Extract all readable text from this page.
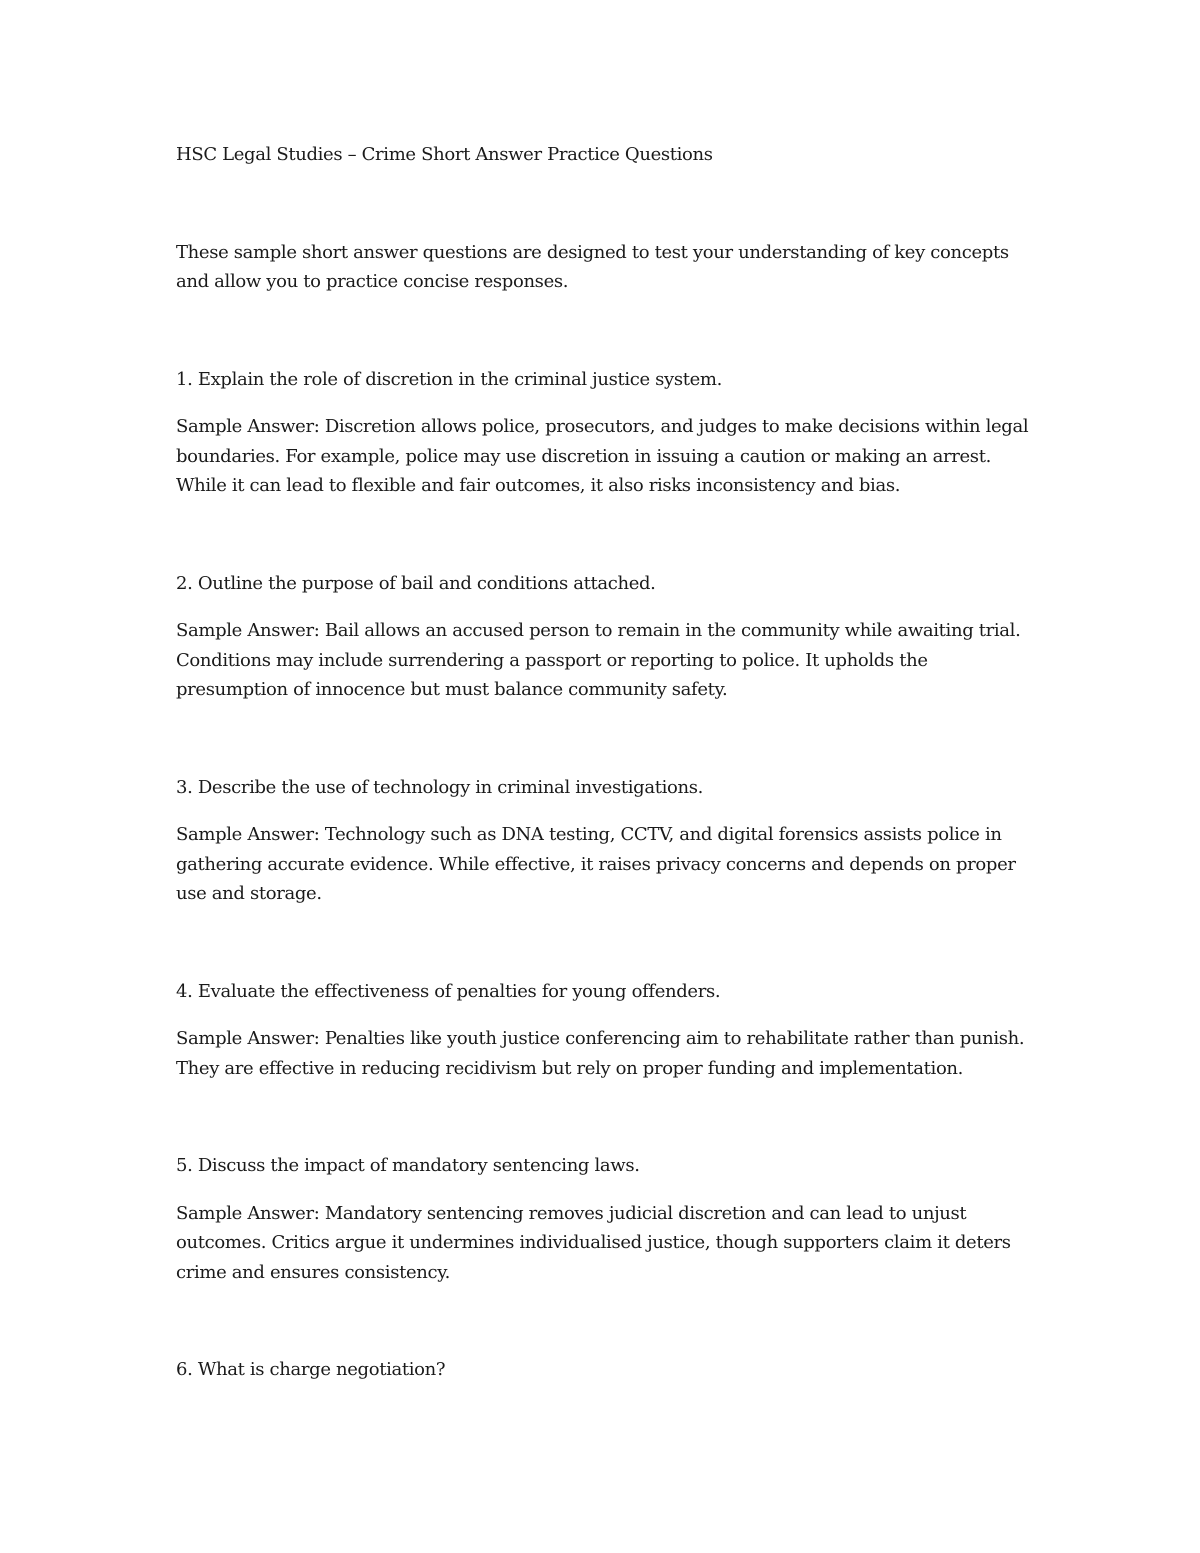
HSC Legal Studies – Crime Short Answer Practice Questions

These sample short answer questions are designed to test your understanding of key concepts and allow you to practice concise responses.

1. Explain the role of discretion in the criminal justice system.

Sample Answer: Discretion allows police, prosecutors, and judges to make decisions within legal boundaries. For example, police may use discretion in issuing a caution or making an arrest. While it can lead to flexible and fair outcomes, it also risks inconsistency and bias.

2. Outline the purpose of bail and conditions attached.

Sample Answer: Bail allows an accused person to remain in the community while awaiting trial. Conditions may include surrendering a passport or reporting to police. It upholds the presumption of innocence but must balance community safety.

3. Describe the use of technology in criminal investigations.

Sample Answer: Technology such as DNA testing, CCTV, and digital forensics assists police in gathering accurate evidence. While effective, it raises privacy concerns and depends on proper use and storage.

4. Evaluate the effectiveness of penalties for young offenders.

Sample Answer: Penalties like youth justice conferencing aim to rehabilitate rather than punish. They are effective in reducing recidivism but rely on proper funding and implementation.

5. Discuss the impact of mandatory sentencing laws.

Sample Answer: Mandatory sentencing removes judicial discretion and can lead to unjust outcomes. Critics argue it undermines individualised justice, though supporters claim it deters crime and ensures consistency.

6. What is charge negotiation?
